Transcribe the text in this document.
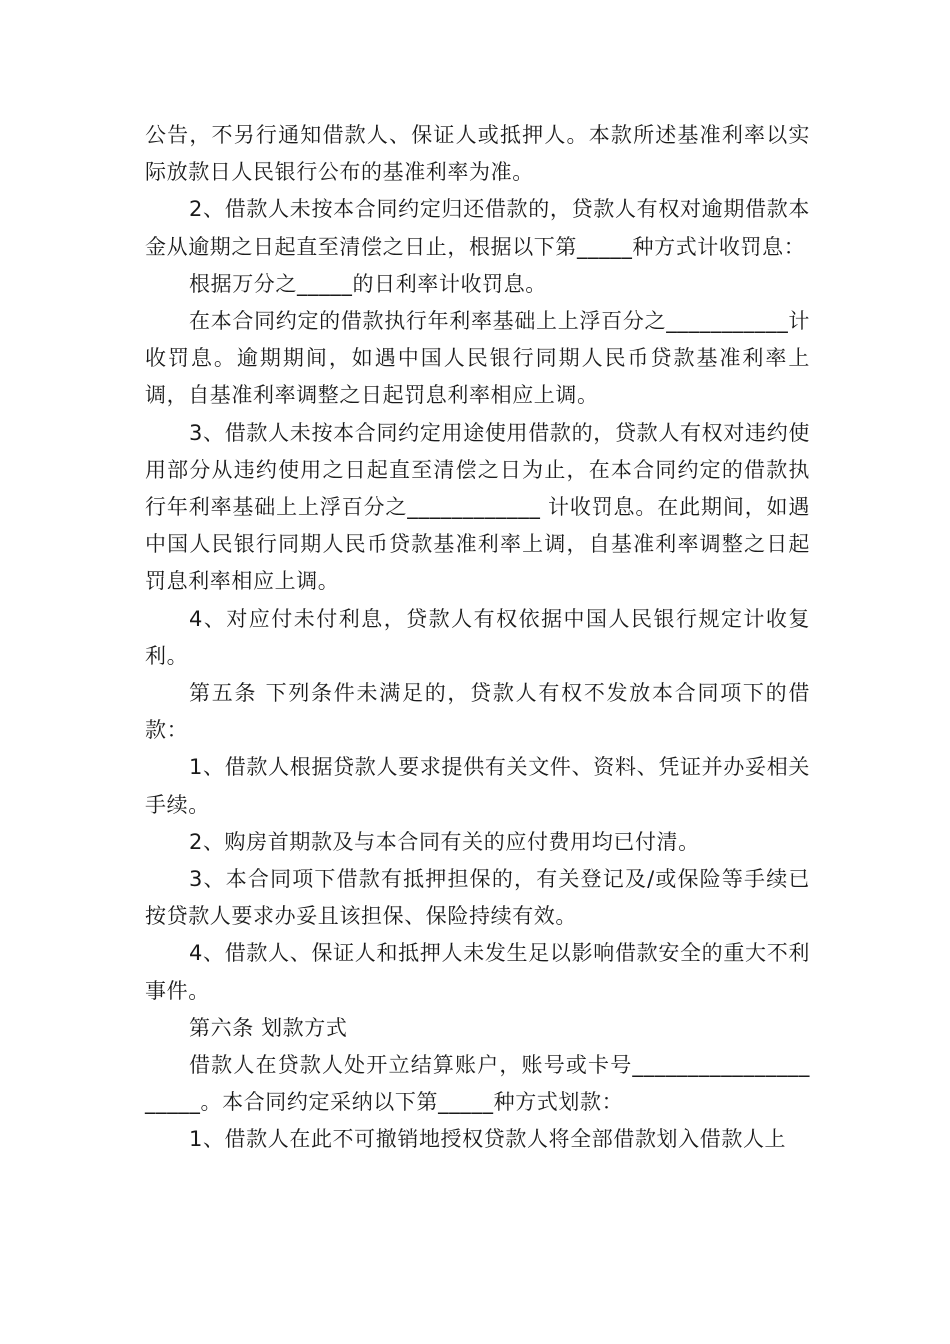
公告，不另行通知借款人、保证人或抵押人。本款所述基准利率以实际放款日人民银行公布的基准利率为准。

2、借款人未按本合同约定归还借款的，贷款人有权对逾期借款本金从逾期之日起直至清偿之日止，根据以下第_____种方式计收罚息：

根据万分之_____的日利率计收罚息。

在本合同约定的借款执行年利率基础上上浮百分之___________计收罚息。逾期期间，如遇中国人民银行同期人民币贷款基准利率上调，自基准利率调整之日起罚息利率相应上调。

3、借款人未按本合同约定用途使用借款的，贷款人有权对违约使用部分从违约使用之日起直至清偿之日为止，在本合同约定的借款执行年利率基础上上浮百分之____________ 计收罚息。在此期间，如遇中国人民银行同期人民币贷款基准利率上调，自基准利率调整之日起罚息利率相应上调。

4、对应付未付利息，贷款人有权依据中国人民银行规定计收复利。

第五条 下列条件未满足的，贷款人有权不发放本合同项下的借款：

1、借款人根据贷款人要求提供有关文件、资料、凭证并办妥相关手续。

2、购房首期款及与本合同有关的应付费用均已付清。

3、本合同项下借款有抵押担保的，有关登记及/或保险等手续已按贷款人要求办妥且该担保、保险持续有效。

4、借款人、保证人和抵押人未发生足以影响借款安全的重大不利事件。

第六条 划款方式

借款人在贷款人处开立结算账户，账号或卡号________________ _____。本合同约定采纳以下第_____种方式划款：

1、借款人在此不可撤销地授权贷款人将全部借款划入借款人上
